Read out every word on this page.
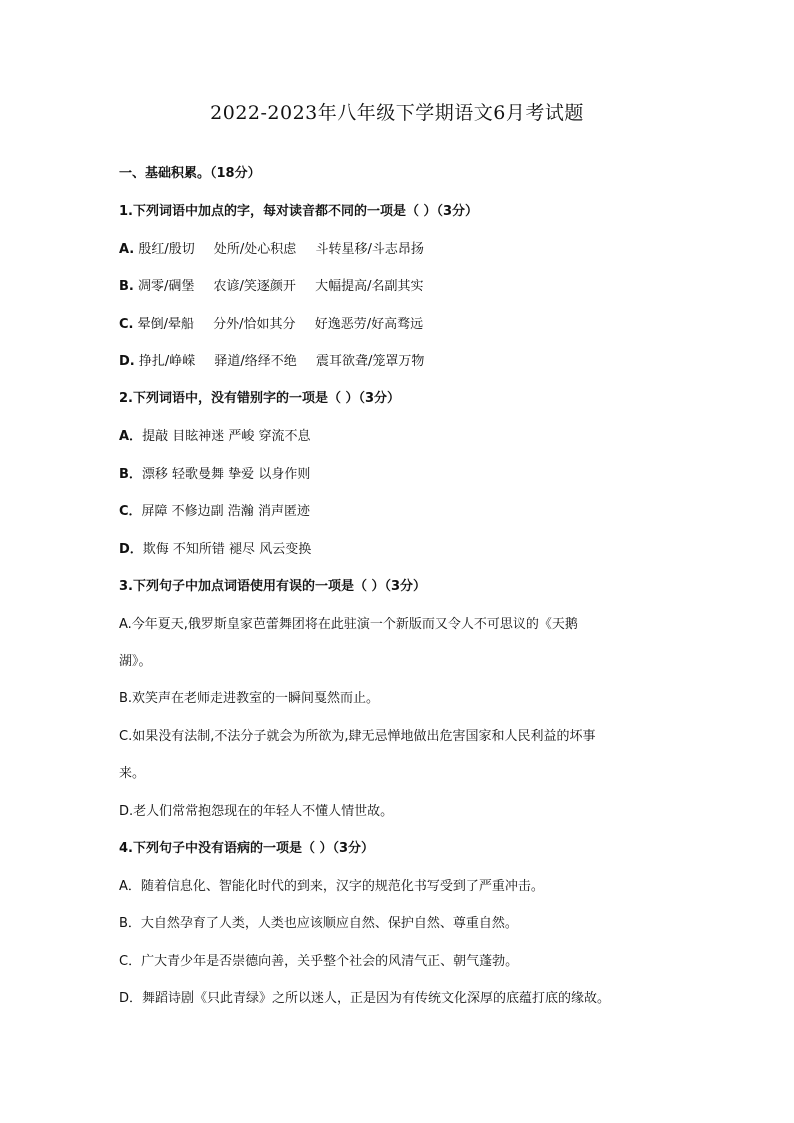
2022-2023年八年级下学期语文6月考试题
一、基础积累。（18分）
1.下列词语中加点的字，每对读音都不同的一项是（ ）（3分）
A. 殷红/殷切 处所/处心积虑 斗转星移/斗志昂扬
B. 凋零/碉堡 农谚/笑逐颜开 大幅提高/名副其实
C. 晕倒/晕船 分外/恰如其分 好逸恶劳/好高骛远
D. 挣扎/峥嵘 驿道/络绎不绝 震耳欲聋/笼罩万物
2.下列词语中，没有错别字的一项是（ ）（3分）
A．提敲 目眩神迷 严峻 穿流不息
B．漂移 轻歌曼舞 挚爱 以身作则
C．屏障 不修边副 浩瀚 消声匿迹
D．欺侮 不知所错 褪尽 风云变换
3.下列句子中加点词语使用有误的一项是（ ）（3分）
A.今年夏天,俄罗斯皇家芭蕾舞团将在此驻演一个新版而又令人不可思议的《天鹅
湖》。
B.欢笑声在老师走进教室的一瞬间戛然而止。
C.如果没有法制,不法分子就会为所欲为,肆无忌惮地做出危害国家和人民利益的坏事
来。
D.老人们常常抱怨现在的年轻人不懂人情世故。
4.下列句子中没有语病的一项是（ ）（3分）
A．随着信息化、智能化时代的到来，汉字的规范化书写受到了严重冲击。
B．大自然孕育了人类，人类也应该顺应自然、保护自然、尊重自然。
C．广大青少年是否崇德向善，关乎整个社会的风清气正、朝气蓬勃。
D．舞蹈诗剧《只此青绿》之所以迷人，正是因为有传统文化深厚的底蕴打底的缘故。
